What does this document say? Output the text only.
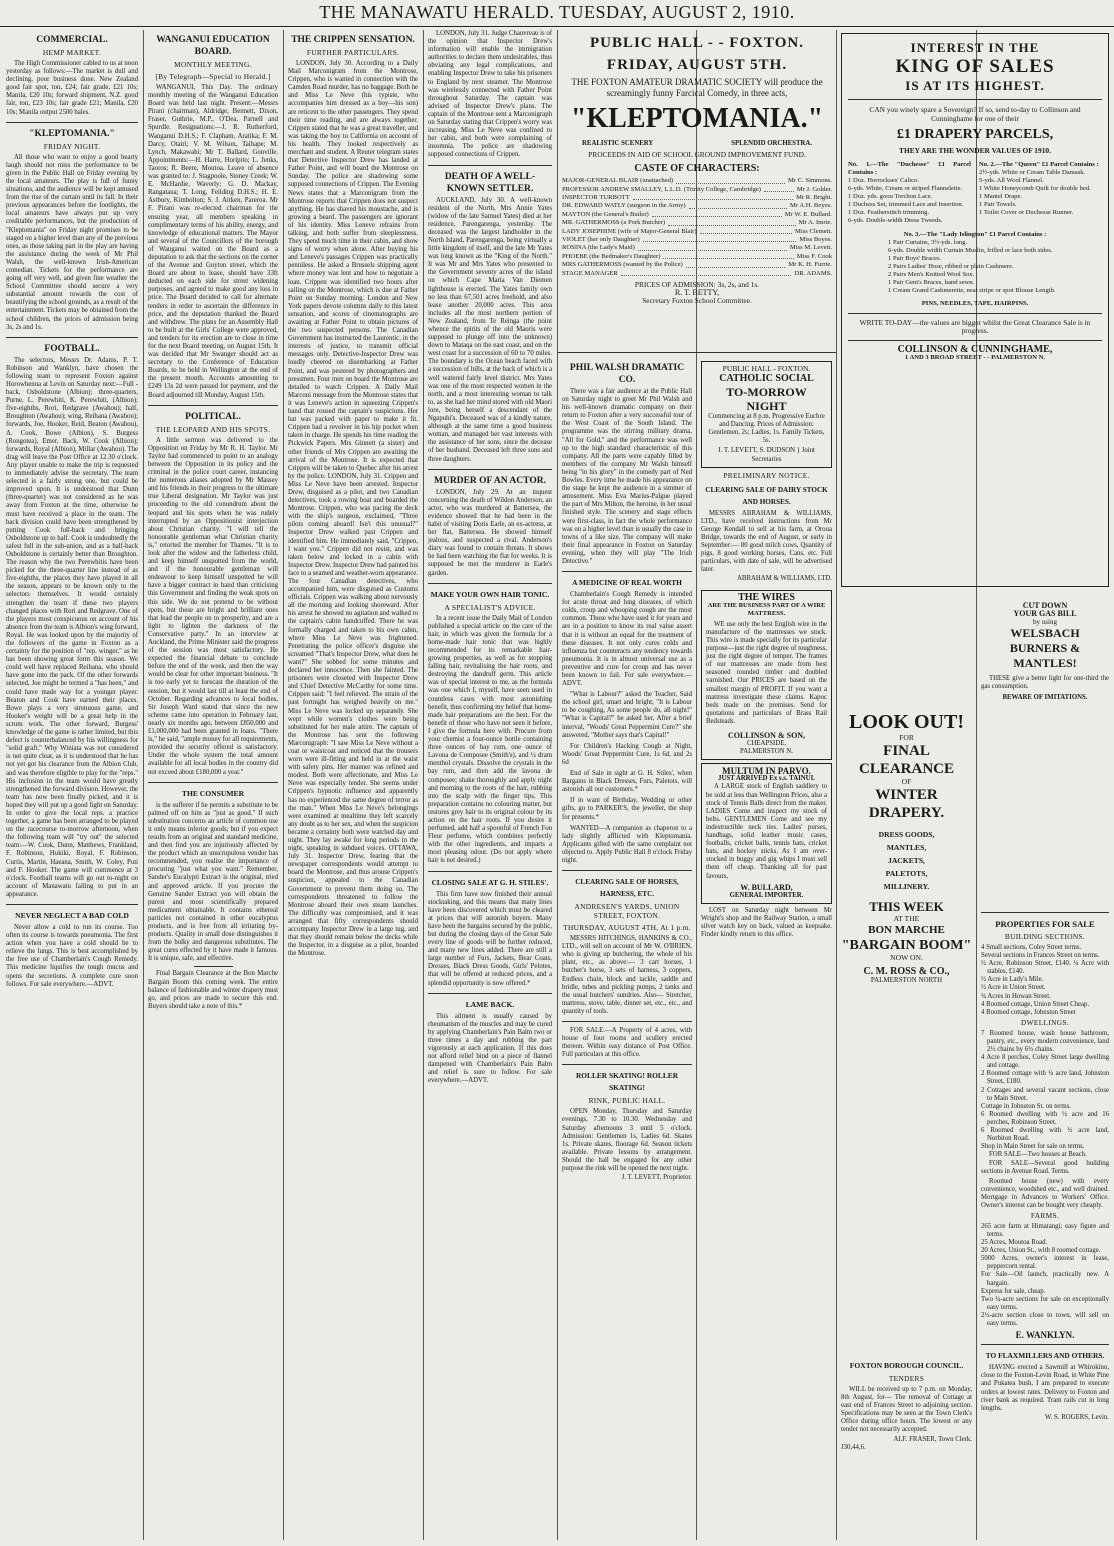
THE MANAWATU HERALD. TUESDAY, AUGUST 2, 1910.
COMMERCIAL.
HEMP MARKET.
The High Commissioner cabled to us at noon yesterday as follows:—The market is dull and declining, poor business done. New Zealand good fair spot, ton, £24; fair grade, £21 10s; Manila, £20 10s; forward shipment, N.Z. good fair, ton, £23 10s; fair grade £21; Manila, £20 10s; Manila output 2500 bales.
"KLEPTOMANIA."
FRIDAY NIGHT.
All those who want to enjoy a good hearty laugh should not miss the performance to be given in the Public Hall on Friday evening by the local amateurs. The play is full of funny situations, and the audience will be kept amused from the rise of the curtain until its fall. In their previous appearances before the footlights, the local amateurs have always put up very creditable performances, but the production of "Kleptomania" on Friday night promises to be staged on a higher level than any of the previous ones, as those taking part in the play are having the assistance during the week of Mr Phil Walsh, the well-known Irish-American comedian. Tickets for the performance are going off very well, and given fine weather the School Committee should secure a very substantial amount towards the cost of beautifying the school grounds, as a result of the entertainment. Tickets may be obtained from the school children, the prices of admission being 3s, 2s and 1s.
FOOTBALL.
The selectors, Messrs Dr. Adams, P. T. Robinson and Wanklyn, have chosen the following team to represent Foxton against Horowhenua at Levin on Saturday next:—Full - back, Osboldstone (Albion); three-quarters, Purne, L. Perewhiti, K. Perewhiti, (Albion); five-eighths, Rori, Redgrave (Awahou); half, Broughton (Awahou); wing, Reihana (Awahou); forwards, Joe, Hooker, Reid, Beaton (Awahou), A. Cook, Bowe (Albion), S. Burgess (Rongotea), Emer, Back, W. Cook (Albion); forwards, Royal (Albion), Millar (Awahou). The drag will leave the Post Office at 12.30 o'clock. Any player unable to make the trip is requested to immediately advise the secretary. The team selected is a fairly strong one, but could be improved upon. It is understood that Dunn (three-quarter) was not considered as he was away from Foxton at the time, otherwise he must have received a place in the team. The back division could have been strengthened by putting Cook full-back and bringing Osboldstone up to half. Cook is undoubtedly the safest full in the sub-union, and as a half-back Osboldstone is certainly better than Broughton. The reason why the two Perewhitis have been picked for the three-quarter line instead of as five-eighths, the places they have played in all the season, appears to be known only to the selectors themselves. It would certainly strengthen the team if these two players changed places with Rori and Redgrave. One of the players most conspicuous on account of his absence from the team is Albion's wing forward, Royal. He was looked upon by the majority of the followers of the game in Foxton as a certainty for the position of "rep. winger," as he has been showing great form this season. We could well have replaced Reihana, who should have gone into the pack. Of the other forwards selected, Joe might be termed a "has been," and could have made way for a younger player. Beaton and Cook have earned their places. Bowe plays a very strenuous game, and Hooker's weight will be a great help in the scrum work. The other forward, Burgess' knowledge of the game is rather limited, but this defect is counterbalanced by his willingness for "solid graft." Why Winiata was not considered is not quite clear, as it is understood that he has not yet got his clearance from the Albion Club, and was therefore eligible to play for the "reps." His inclusion in the team would have greatly strengthened the forward division. However, the team has now been finally picked, and it is hoped they will put up a good fight on Saturday. In order to give the local reps. a practice together, a game has been arranged to be played on the racecourse to-morrow afternoon, when the following team will "try out" the selected team:—W. Cook, Dunn, Matthews, Frankland, F. Robinson, Hukiki, Royal, F. Robinson, Curtis, Martin, Haeana, Smith, W. Coley, Puti and F. Hooker. The game will commence at 3 o'clock. Football teams will go out to-night on account of Manawatu failing to put in an appearance.
NEVER NEGLECT A BAD COLD
Never allow a cold to run its course. Too often its course is towards pneumonia. The first action when you have a cold should be to relieve the lungs. This is best accomplished by the free use of Chamberlain's Cough Remedy. This medicine liquifies the tough mucus and opens the secretions. A complete cure soon follows. For sale everywhere.—ADVT.
WANGANUI EDUCATION BOARD.
MONTHLY MEETING.
[By Telegraph—Special to Herald.]
WANGANUI, This Day. The ordinary monthly meeting of the Wanganui Education Board was held last night. Present:—Messrs Pirani (chairman), Aldridge, Bennett, Dixon, Fraser, Guthrie, M.P., O'Dea, Parnell and Spurdle. Resignations:—J. R. Rutherford, Wanganui D.H.S.; F. Clapham, Aratika; F. M. Darcy, Otairi; V. M. Wilson, Taihape; M. Lynch, Makawahi; Mr T. Ballard, Gonville. Appointments:—H. Harre, Horipito; L. Jenks, Taoros; R. Beere, Moutoa. Leave of absence was granted to: J. Stagpoole, Stoney Creek; W. E. McHardie, Waverly; G. D. Mackay, Rangataua; T. Long, Feilding D.H.S.; H. E. Astbury, Kimbolton; S. J. Aitken, Pareroa. Mr F. Pirani was re-elected chairman for the ensuing year, all members speaking in complimentary terms of his ability, energy, and knowledge of educational matters. The Mayor and several of the Councillors of the borough of Wanganui waited on the Board as a deputation to ask that the sections on the corner of the Avenue and Guyton street, which the Board are about to lease, should have 33ft deducted on each side for street widening purposes, and agreed to make good any loss in price. The Board decided to call for alternate tenders in order to ascertain the difference in price, and the deputation thanked the Board and withdrew. The plans for an Assembly Hall to be built at the Girls' College were approved, and tenders for its erection are to close in time for the next Board meeting, on August 15th. It was decided that Mr Swanger should act as secretary to the Conference of Education Boards, to be held in Wellington at the end of the present month. Accounts amounting to £249 13s 2d were passed for payment, and the Board adjourned till Monday, August 15th.
POLITICAL.
THE LEOPARD AND HIS SPOTS.
A little sermon was delivered to the Opposition on Friday by Mr R. H. Taylor. Mr Taylor had commenced to point to an analogy between the Opposition in its policy and the criminal in the police court career, instancing the numerous aliases adopted by Mr Massey and his friends in their progress to the ultimate true Liberal designation. Mr Taylor was just proceeding to the old conundrum about the leopard and his spots when he was rudely interrupted by an Oppositionist interjection about Christian charity. "I will tell the honourable gentleman what Christian charity is," retorted the member for Thames. "It is to look after the widow and the fatherless child, and keep himself unspotted from the world, and if the honourable gentleman will endeavour to keep himself unspotted he will have a bigger contract in hand than criticising this Government and finding the weak spots on this side. We do not pretend to be without spots, but these are bright and brilliant ones that lead the people on to prosperity, and are a light to lighten the darkness of the Conservative party." In an interview at Auckland, the Prime Minister said the progress of the session was most satisfactory. He expected the financial debate to conclude before the end of the week, and then the way would be clear for other important business. "It is too early yet to forecast the duration of the session, but it would last till at least the end of October. Regarding advances to local bodies, Sir Joseph Ward stated that since the new scheme came into operation in February last, nearly six months ago, between £850,000 and £1,000,000 had been granted in loans. "There is," he said, "ample money for all requirements, provided the security offered is satisfactory. Under the whole system the total amount available for all local bodies in the country did not exceed about £180,000 a year."
THE CONSUMER
is the sufferer if he permits a substitute to be palmed off on him as "just as good." If such substitution concerns an article of common use it only means inferior goods; but if you expect results from an original and standard medicine, and then find you are injuriously affected by the product which an unscrupulous vendor has recommended, you realise the importance of procuring "just what you want." Remember, Sander's Eucalypti Extract is the original, tried and approved article. If you procure the Genuine Sander Extract you will obtain the purest and most scientifically prepared medicament obtainable. It contains ethereal particles not contained in other eucalyptus products, and is free from all irritating by-products. Quality in small dose distinguishes it from the bulky and dangerous substitutes. The great cures effected by it have made it famous. It is unique, safe, and effective.
Final Bargain Clearance at the Bon Marche Bargain Boom this coming week. The entire balance of fashionable and winter drapery must go, and prices are made to secure this end. Buyers should take a note of this.*
THE CRIPPEN SENSATION.
FURTHER PARTICULARS.
LONDON, July 30. According to a Daily Mail Marconigram from the Montrose, Crippen, who is wanted in connection with the Camden Road murder, has no baggage. Both he and Miss Le Neve (his typiste, who accompanies him dressed as a boy—his son) are reticent to the other passengers. They spend their time reading, and are always together. Crippen stated that he was a great traveller, and was taking the boy to California on account of his health. They looked respectively as merchant and student. A Reuter telegram states that Detective Inspector Drew has landed at Father Point, and will board the Montrose on Sunday. The police are shadowing some supposed connections of Crippen. The Evening News states that a Marconigram from the Montrose reports that Crippen does not suspect anything. He has shaved his moustache, and is growing a beard. The passengers are ignorant of his identity. Miss Leneve refrains from talking, and both suffer from sleeplessness. They spend much time in their cabin, and show signs of worry when alone. After buying his and Leneve's passages Crippen was practically penniless. He asked a Brussels shipping agent where money was lent and how to negotiate a loan. Crippen was identified two hours after sailing on the Montrose, which is due at Father Point on Sunday morning. London and New York papers devote columns daily to this latest sensation, and scores of cinematographs are awaiting at Father Point to obtain pictures of the two suspected persons. The Canadian Government has instructed the Laurentic, in the interests of justice, to transmit official messages only. Detective-Inspector Drew was loudly cheered on disembarking at Father Point, and was pestered by photographers and pressmen. Four men on board the Montrose are detailed to watch Crippen. A Daily Mail Marconi message from the Montrose states that it was Leneve's action in squeezing Crippen's hand that roused the captain's suspicions. Her hat was packed with paper to make it fit. Crippen had a revolver in his hip pocket when taken in charge. He spends his time reading the Pickwick Papers. Mrs Ginnett (a sister) and other friends of Mrs Crippen are awaiting the arrival of the Montrose. It is expected that Crippen will be taken to Quebec after his arrest by the police. LONDON, July 31. Crippen and Miss Le Neve have been arrested. Inspector Drew, disguised as a pilot, and two Canadian detectives, took a rowing boat and boarded the Montrose. Crippen, who was pacing the deck with the ship's surgeon, exclaimed, "Three pilots coming aboard! Isn't this unusual?" Inspector Drew walked past Crippen and identified him. He immediately said, "Crippen, I want you." Crippen did not resist, and was taken below and locked in a cabin with Inspector Drew. Inspector Drew had painted his face to a seamed and weather-worn appearance. The four Canadian detectives, who accompanied him, were disguised as Customs officials. Crippen was walking about nervously all the morning and looking shoreward. After his arrest he showed no agitation and walked to the captain's cabin handcuffed. There he was formally charged and taken to his own cabin, where Miss Le Neve was frightened. Penetrating the police officer's disguise she screamed "That's Inspector Drew, what does he want?" She sobbed for some minutes and declared her innocence. Then she fainted. The prisoners were closeted with Inspector Drew and Chief Detective McCarthy for some time. Crippen said: "I feel relieved. The strain of the past fortnight has weighed heavily on me." Miss Le Neve was locked up separately. She wept while women's clothes were being substituted for her male attire. The captain of the Montrose has sent the following Marconigraph: "I saw Miss Le Neve without a coat or waistcoat and noticed that the trousers worn were ill-fitting and held in at the waist with safety pins. Her manner was refined and modest. Both were affectionate, and Miss Le Neve was especially tender. She seems under Crippen's hypnotic influence and apparently has no experienced the same degree of terror as the man." When Miss Le Neve's belongings were examined at mealtime they left scarcely any doubt as to her sex, and when the suspicion became a certainty both were watched day and night. They lay awake for long periods in the night, speaking in subdued voices. OTTAWA, July 31. Inspector Drew, fearing that the newspaper correspondents would attempt to board the Montrose, and thus arouse Crippen's suspicion, appealed to the Canadian Government to prevent them doing so. The correspondents threatened to follow the Montrose aboard their own steam launches. The difficulty was compromised, and it was arranged that fifty correspondents should accompany Inspector Drew in a large tug, and that they should remain below the decks while the Inspector, in a disguise as a pilot, boarded the Montrose.
LONDON, July 31. Judge Chauvreau is of the opinion that Inspector Drew's information will enable the immigration authorities to declare them undesirables, thus obviating any legal complications, and enabling Inspector Drew to take his prisoners to England by next steamer. The Montrose was wirelessly connected with Father Point throughout Saturday. The captain was advised of Inspector Drew's plans. The captain of the Montrose sent a Marconigraph on Saturday stating that Crippen's worry was increasing. Miss Le Neve was confined to her cabin, and both were complaining of insomnia. The police are shadowing supposed connections of Crippen.
DEATH OF A WELL-KNOWN SETTLER.
AUCKLAND, July 30. A well-known resident of the North, Mrs Annie Yates (widow of the late Samuel Yates) died at her residence, Parengarenga, yesterday. The deceased was the largest landholder in the North Island, Parengarenga, being virtually a little kingdom of itself, and the late Mr Yates was long known as the "King of the North." It was Mr and Mrs Yates who presented to the Government seventy acres of the island on which Cape Maria Van Diemen lighthouse is erected. The Yates family own no less than 67,501 acres freehold, and also lease another 20,000 acres. This area includes all the most northern portion of New Zealand, from Te Reinga (the point whence the spirits of the old Maoris were supposed to plunge off into the unknown) down to Mataqa on the east coast, and on the west coast for a succession of 60 to 70 miles. The boundary is the Ocean beach faced with a succession of hills, at the back of which is a well watered fairly level district. Mrs Yates was one of the most respected women in the north, and a most interesting woman to talk to, as she had her mind stored with old Maori lore, being herself a descendant of the Ngapuhi's. Deceased was of a kindly nature, although at the same time a good business woman, and managed her vast interests with the assistance of her sons, since the decease of her husband. Deceased left three sons and three daughters.
MURDER OF AN ACTOR.
LONDON, July 29. At an inquest concerning the death of Wildon Anderson, an actor, who was murdered at Battersea, the evidence showed that he had been in the habit of visiting Doris Earle, an ex-actress, at her flat, Battersea. He showed himself jealous, and suspected a rival. Anderson's diary was found to contain threats. It shows he had been watching the flat for weeks. It is supposed he met the murderer in Earle's garden.
MAKE YOUR OWN HAIR TONIC.
A SPECIALIST'S ADVICE.
In a recent issue the Daily Mail of London published a special article on the care of the hair, in which was given the formula for a home-made hair tonic that was highly recommended for its remarkable hair-growing properties, as well as for stopping falling hair, revitalising the hair roots, and destroying the dandruff germ. This article was of special interest to me, as the formula was one which I, myself, have seen used in countless cases with most astonishing benefit, thus confirming my belief that home-made hair preparations are the best. For the benefit of those who have not seen it before, I give the formula here with. Procure from your chemist a four-ounce bottle containing three ounces of bay rum, one ounce of Lavona de Composee (Smith's), and ½ dram menthol crystals. Dissolve the crystals in the bay rum, and then add the lavona de composee; shake thoroughly and apply night and morning to the roots of the hair, rubbing into the scalp with the finger tips. This preparation contains no colouring matter, but restores grey hair to its original colour by its action on the hair roots. If you desire it perfumed, add half a spoonful of French Fon Fleur perfume, which combines perfectly with the other ingredients, and imparts a most pleasing odour. (Do not apply where hair is not desired.)
CLOSING SALE AT G. H. STILES'.
This firm have now finished their annual stocktaking, and this means that many lines have been discovered which must be cleared at prices that will astonish buyers. Many have been the bargains secured by the public, but during the closing days of the Great Sale every line of goods will be further reduced, and many new lines added. There are still a large number of Furs, Jackets, Bear Coats, Dresses, Black Dress Goods, Girls' Pelotes, that will be offered at reduced prices, and a splendid opportunity is now offered.*
LAME BACK.
This ailment is usually caused by rheumatism of the muscles and may be cured by applying Chamberlain's Pain Balm two or three times a day and rubbing the part vigorously at each application. If this does not afford relief bind on a piece of flannel dampened with Chamberlain's Pain Balm and relief is sure to follow. For sale everywhere.—ADVT.
PUBLIC HALL - - FOXTON.
FRIDAY, AUGUST 5TH.
THE FOXTON AMATEUR DRAMATIC SOCIETY will produce the screamingly funny Farcical Comedy, in three acts,
"KLEPTOMANIA."
REALISTIC SCENERY	SPLENDID ORCHESTRA.
PROCEEDS IN AID OF SCHOOL GROUND IMPROVEMENT FUND.
CASTE OF CHARACTERS:
MAJOR-GENERAL BLAIR (unattached)	Mr C. Simmons.
PROFESSOR ANDREW SMALLEY, L.L.D. (Trinity College, Cambridge)	Mr J. Golder.
INSPECTOR TURBOTT	Mr R. Bright.
DR. EDWARD WATLY (surgeon in the Army)	Mr A.H. Boyes.
MAYTON (the General's Butler)	Mr W. E. Bullard.
MR. GATHERMOSS (a Pork Butcher)	Mr A. Imrie.
LADY JOSEPHINE (wife of Major-General Blair)	Miss Clemett.
VIOLET (her only Daughter)	Miss Boyes.
ROSINA (the Lady's Maid)	Miss M. Levett.
PHOEBE (the Bedmaker's Daughter)	Miss F. Cook
MRS GATHERMOSS (wanted by the Police)	Mr K. H. Furrie.
STAGE MANAGER	DR. ADAMS.
PRICES OF ADMISSION: 3s, 2s, and 1s.
R. T. BETTY,
Secretary Foxton School Committee.
PHIL WALSH DRAMATIC CO.
There was a fair audience at the Public Hall on Saturday night to greet Mr Phil Walsh and his well-known dramatic company on their return to Foxton after a very successful tour of the West Coast of the South Island. The programme was the stirring military drama, "All for Gold," and the performance was well up to the high standard characteristic of this company. All the parts were capably filled by members of the company Mr Walsh himself being "in his glory" in the comedy part of Ned Bowles. Every time he made his appearance on the stage he kept the audience in a simmer of amusement. Miss Eva Marius-Palgue played the part of Mrs Milton, the heroine, in her usual finished style. The scenery and stage effects were first-class, in fact the whole performance was on a higher level than is usually the case in towns of a like size. The company will make their final appearance in Foxton on Saturday evening, when they will play "The Irish Detective."
A MEDICINE OF REAL WORTH
Chamberlain's Cough Remedy is intended for acute throat and lung diseases, of which colds, croup and whooping cough are the most common. Those who have used it for years and are in a position to know its real value assert that it is without an equal for the treatment of these diseases. It not only cures colds and influenza but counteracts any tendency towards pneumonia. It is in almost universal use as a preventive and cure for croup and has never been known to fail. For sale everywhere.—ADVT.
"What is Labour?" asked the Teacher, Said the school girl, smart and bright; "It is Labour to be coughing, As some people do, all night!" "What is Capital?" he asked her, After a brief interval, "Woods' Great Peppermint Cure?" she answered, "Mother says that's Capital!"
For Children's Hacking Cough at Night, Woods' Great Peppermint Cure, 1s 6d, and 2s 6d
End of Sale in sight at G. H. Stiles', when Bargains in Black Dresses, Furs, Paletots, will astonish all our customers.*
If in want of Birthday, Wedding or other gifts, go to PARKER'S, the jeweller, the shop for presents.*
WANTED—A companion as chaperon to a lady slightly afflicted with Kleptomania. Applicants gifted with the same complaint not objected to. Apply Public Hall 8 o'clock Friday night.
CLEARING SALE OF HORSES, HARNESS, ETC.
ANDRESEN'S YARDS, UNION STREET, FOXTON.
THURSDAY, AUGUST 4TH, At 1 p.m.
MESSRS HITCHINGS, HANKINS & CO., LTD., will sell on account of Mr W. O'BRIEN, who is giving up butchering, the whole of his plant, etc., as above:— 3 cart horses, 1 butcher's horse, 3 sets of harness, 3 coppers, Endless chain, block and tackle, saddle and bridle, tubes and pickling pumps, 2 tanks and the usual butchers' sundries. Also— Stretcher, mattress, stove, table, dinner set, etc., etc., and quantity of tools.
FOR SALE.—A Property of 4 acres, with house of four rooms and scullery erected thereon. Within easy distance of Post Office. Full particulars at this office.
ROLLER SKATING! ROLLER SKATING!
RINK, PUBLIC HALL.
OPEN Monday, Thursday and Saturday evenings, 7.30 to 10.30. Wednesday and Saturday afternoons 3 until 5 o'clock. Admission: Gentlemen 1s, Ladies 6d. Skates 1s. Private skates, floorage 6d. Season tickets available. Private lessons by arrangement. Should the hall be engaged for any other purpose the rink will be opened the next night.
J. T. LEVETT, Proprietor.
PUBLIC HALL - FOXTON.
CATHOLIC SOCIAL
TO-MORROW NIGHT
Commencing at 8 p.m. Progressive Euchre and Dancing. Prices of Admission: Gentlemen, 2s; Ladies, 1s. Family Tickets, 5s.
J. T. LEVETT, S. DUDSON } Joint Secretaries
PRELIMINARY NOTICE.
CLEARING SALE OF DAIRY STOCK AND HORSES.
MESSRS ABRAHAM & WILLIAMS, LTD., have received instructions from Mr George Kendall to sell at his farm, at Oroua Bridge, towards the end of August, or early in September:— 80 good milch cows, Quantity of pigs, 8 good working horses, Cans, etc. Full particulars, with date of sale, will be advertised later.
ABRAHAM & WILLIAMS, LTD.
THE WIRES
ARE THE BUSINESS PART OF A WIRE MATTRESS.
WE use only the best English wire in the manufacture of the mattresses we stock. This wire is made specially for its particular purpose—just the right degree of toughness, just the right degree of temper. The frames of our mattresses are made from best seasoned rounded timber and doubled varnished. Our PRICES are based on the smallest margin of PROFIT. If you want a mattress investigate these claims. Kapoc beds made on the premises. Send for quotations and particulars of Brass Rail Bedsteads.
COLLINSON & SON,
CHEAPSIDE,
PALMERSTON N.
MULTUM IN PARVO.
JUST ARRIVED Ex s.s. TAINUI.
A LARGE stock of English saddlery to be sold at less than Wellington Prices, also a stock of Tennis Balls direct from the maker. LADIES Come and inspect my stock of belts. GENTLEMEN Come and see my indestructible neck ties. Ladies' purses, handbags, solid leather music cases, footballs, cricket balls, tennis bats, cricket bats, and hockey sticks. As I am over-stocked in buggy and gig whips I must sell them off cheap. Thanking all for past favours,
W. BULLARD,
GENERAL IMPORTER.
LOST on Saturday night between Mr Wright's shop and the Railway Station, a small silver watch key on back, valued as keepsake. Finder kindly return to this office.
INTEREST IN THE
KING OF SALES
IS AT ITS HIGHEST.
CAN you wisely spare a Sovereign? If so, send to-day to Collinson and Cunninghame for one of their
£1 DRAPERY PARCELS,
THEY ARE THE WONDER VALUES OF 1910.
No. 1.—The "Duchesse" £1 Parcel Contains :
1 Doz. Horrockses' Calico.
6-yds. White, Cream or striped Flannelette.
1 Doz. yds. goou Torchon Lace.
1 Duchess Set, trimmed Lace and Insertion.
1 Doz. Featherstitch trimming.
6-yds. Double-width Dress Tweeds.
No. 2.—The "Queen" £1 Parcel Contains :
2½-yds. White or Cream Table Damask.
5-yds. All Wool Flannel.
1 White Honeycomb Quilt for double bed.
1 Mantel Drape.
1 Pair Towels.
1 Toilet Cover or Duchesse Runner.
No. 3.—The "Lady Islington" £1 Parcel Contains :
1 Pair Curtains, 3½-yds. long.
6-yds. Double width Curtain Muslin, frilled or lace both sides.
1 Pair Boys' Braces.
2 Pairs Ladies' Hose, ribbed or plain Cashmere.
2 Pairs Men's Knitted Wool Sox.
1 Pair Gent's Braces, hand sewn.
1 Cream Grand Cashmerette, neat stripe or spot Blouse Length.
PINS, NEEDLES, TAPE, HAIRPINS.
WRITE TO-DAY—the values are bigger whilst the Great Clearance Sale is in progress.
COLLINSON & CUNNINGHAME,
1 AND 3 BROAD STREET - - PALMERSTON N.
LOOK OUT!
FOR
FINAL CLEARANCE
OF
WINTER DRAPERY.
DRESS GOODS,
MANTLES,
JACKETS,
PALETOTS,
MILLINERY.
THIS WEEK
AT THE
BON MARCHE
"BARGAIN BOOM"
NOW ON.
C. M. ROSS & CO.,
PALMERSTON NORTH
FOXTON BOROUGH COUNCIL.
TENDERS
WILL be received up to 7 p.m. on Monday, 8th August, for— The removal of Cottage at east end of Frances Street to adjoining section. Specifications may be seen at the Town Clerk's Office during office hours. The lowest or any tender not necessarily accepted.
ALF. FRASER, Town Clerk.
J30,44,6.
CUT DOWN
YOUR GAS BILL
by using
WELSBACH BURNERS & MANTLES!
THESE give a better light for one-third the gas consumption.
BEWARE OF IMITATIONS.
PROPERTIES FOR SALE
BUILDING SECTIONS.
4 Small sections, Coley Street terms.
Several sections in Frances Street on terms.
½ Acre, Robinson Street, £140. ¼ Acre with stables, £140.
½ Acre in Lady's Mile.
½ Acre in Union Street.
¾ Acres in Howan Street.
4 Roomed cottage, Union Street Cheap.
4 Roomed cottage, Johnston Street
DWELLINGS.
7 Roomed house, wash house bathroom, pantry, etc., every modern convenience, land 2½ chains by 6½ chains.
4 Acre 8 perches, Coley Street large dwelling and cottage.
2 Roomed cottage with ¼ acre land, Johnston Street, £180.
2 Cottages and several vacant sections, close to Main Street.
Cottage in Johnston St. on terms.
6 Roomed dwelling with ½ acre and 16 perches, Robinson Street.
6 Roomed dwelling with ½ acre land, Norbiton Road.
Shop in Main Street for sale on terms.
FOR SALE—Two houses at Beach.
FOR SALE—Several good building sections in Avenue Road. Terms.
Roomed house (new) with every convenience, woodshed etc., and well drained. Mortgage in Advances to Workers' Office. Owner's interest can be bought very cheaply.
FARMS.
265 acre farm at Himatangi; easy figure and terms.
25 Acres, Moutoa Road.
20 Acres, Union St., with 8 roomed cottage.
5000 Acres, owner's interest in lease, peppercorn rental.
For Sale—Oil launch, practically new. A bargain.
Express for sale, cheap.
Two ¼-acre sections for sale on exceptionally easy terms.
2½-acre section close to town, will sell on easy terms.
E. WANKLYN.
TO FLAXMILLERS AND OTHERS.
HAVING erected a Sawmill at Whirokino, close to the Foxton-Levin Road, in White Pine and Pukatea bush, I am prepared to execute orders at lowest rates. Delivery to Foxton and river bank as required. Tram rails cut in long lengths.
W. S. ROGERS, Levin.
